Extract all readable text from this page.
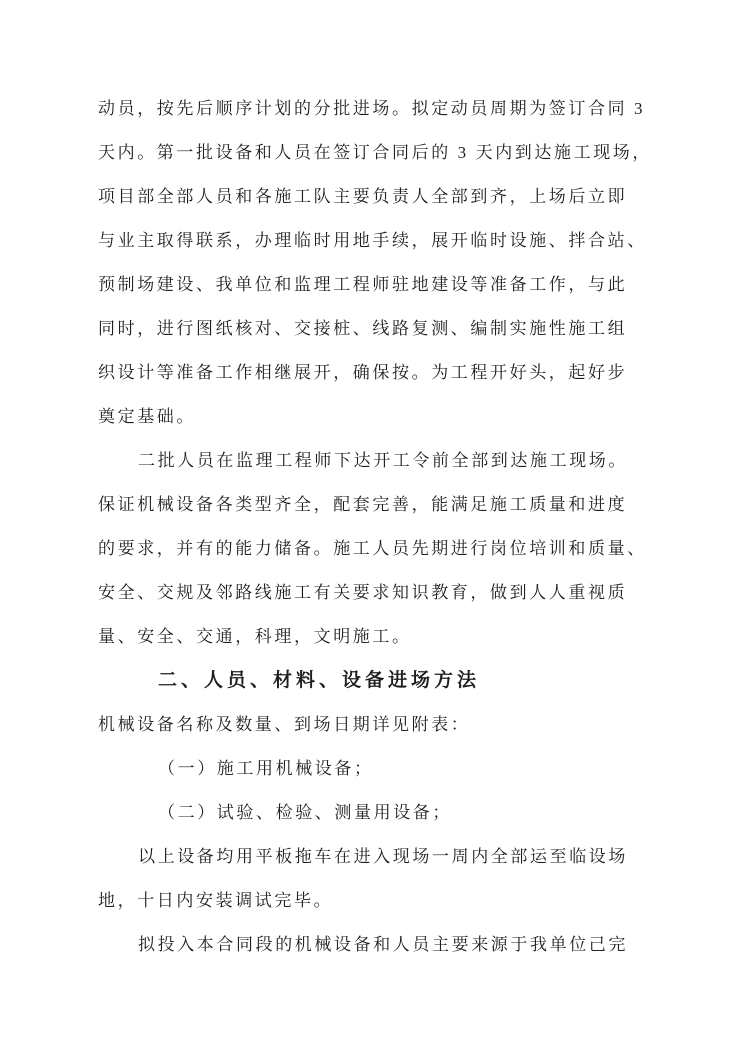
动员，按先后顺序计划的分批进场。拟定动员周期为签订合同 3
天内。第一批设备和人员在签订合同后的 3 天内到达施工现场，
项目部全部人员和各施工队主要负责人全部到齐，上场后立即
与业主取得联系，办理临时用地手续，展开临时设施、拌合站、
预制场建设、我单位和监理工程师驻地建设等准备工作，与此
同时，进行图纸核对、交接桩、线路复测、编制实施性施工组
织设计等准备工作相继展开，确保按。为工程开好头，起好步
奠定基础。
二批人员在监理工程师下达开工令前全部到达施工现场。
保证机械设备各类型齐全，配套完善，能满足施工质量和进度
的要求，并有的能力储备。施工人员先期进行岗位培训和质量、
安全、交规及邻路线施工有关要求知识教育，做到人人重视质
量、安全、交通，科理，文明施工。
二、人员、材料、设备进场方法
机械设备名称及数量、到场日期详见附表：
（一）施工用机械设备；
（二）试验、检验、测量用设备；
以上设备均用平板拖车在进入现场一周内全部运至临设场
地，十日内安装调试完毕。
拟投入本合同段的机械设备和人员主要来源于我单位己完
